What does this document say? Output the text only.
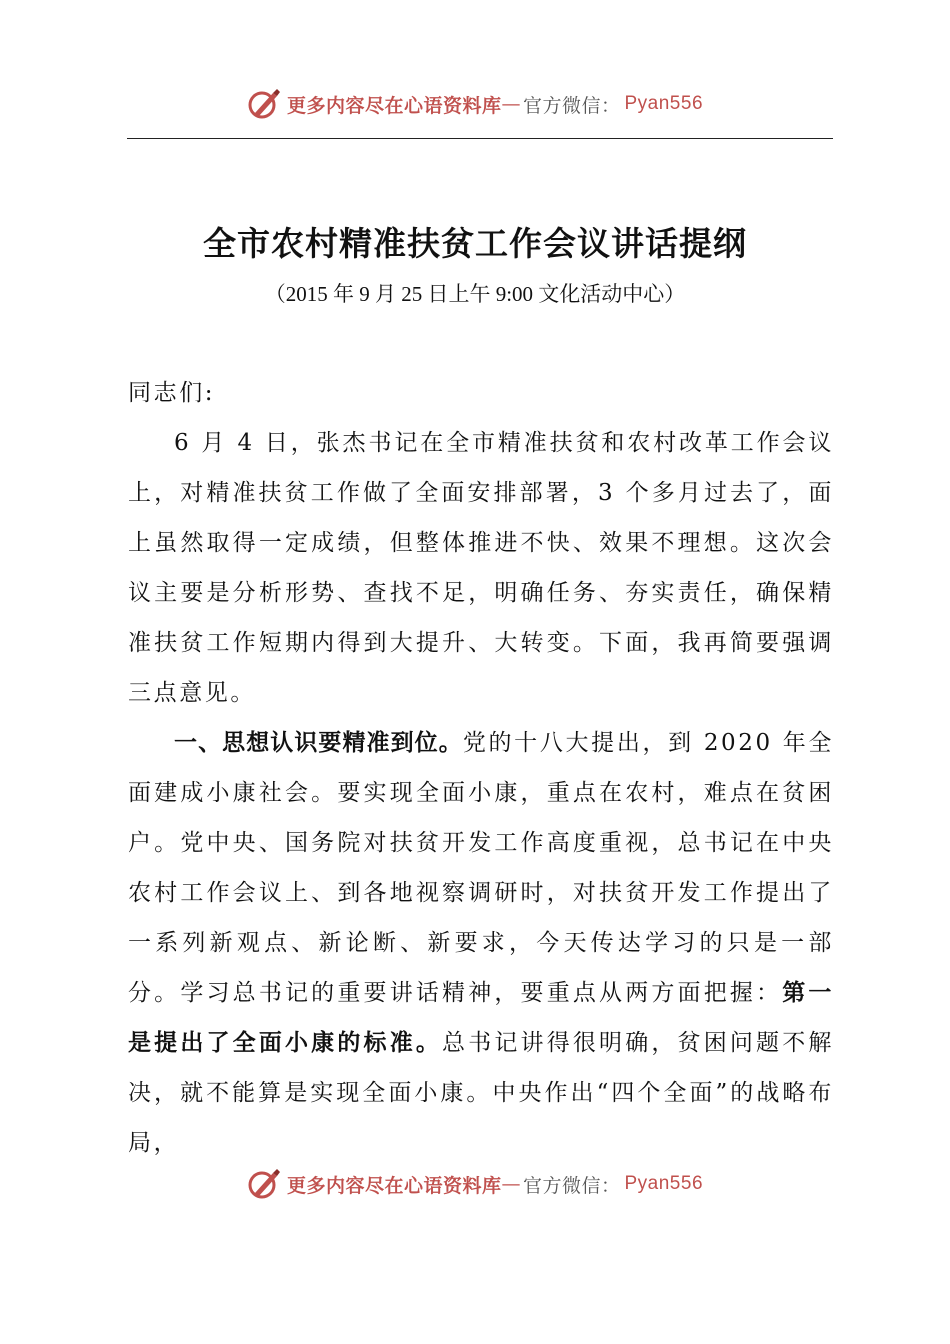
更多内容尽在心语资料库 — 官方微信： Pyan556
全市农村精准扶贫工作会议讲话提纲
（2015 年 9 月 25 日上午 9:00 文化活动中心）

同志们:

6 月 4 日，张杰书记在全市精准扶贫和农村改革工作会议上，对精准扶贫工作做了全面安排部署，3 个多月过去了，面上虽然取得一定成绩，但整体推进不快、效果不理想。这次会议主要是分析形势、查找不足，明确任务、夯实责任，确保精准扶贫工作短期内得到大提升、大转变。下面，我再简要强调三点意见。

一、思想认识要精准到位。党的十八大提出，到 2020 年全面建成小康社会。要实现全面小康，重点在农村，难点在贫困户。党中央、国务院对扶贫开发工作高度重视，总书记在中央农村工作会议上、到各地视察调研时，对扶贫开发工作提出了一系列新观点、新论断、新要求，今天传达学习的只是一部分。学习总书记的重要讲话精神，要重点从两方面把握：第一是提出了全面小康的标准。总书记讲得很明确，贫困问题不解决，就不能算是实现全面小康。中央作出“四个全面”的战略布局，

更多内容尽在心语资料库 — 官方微信： Pyan556
